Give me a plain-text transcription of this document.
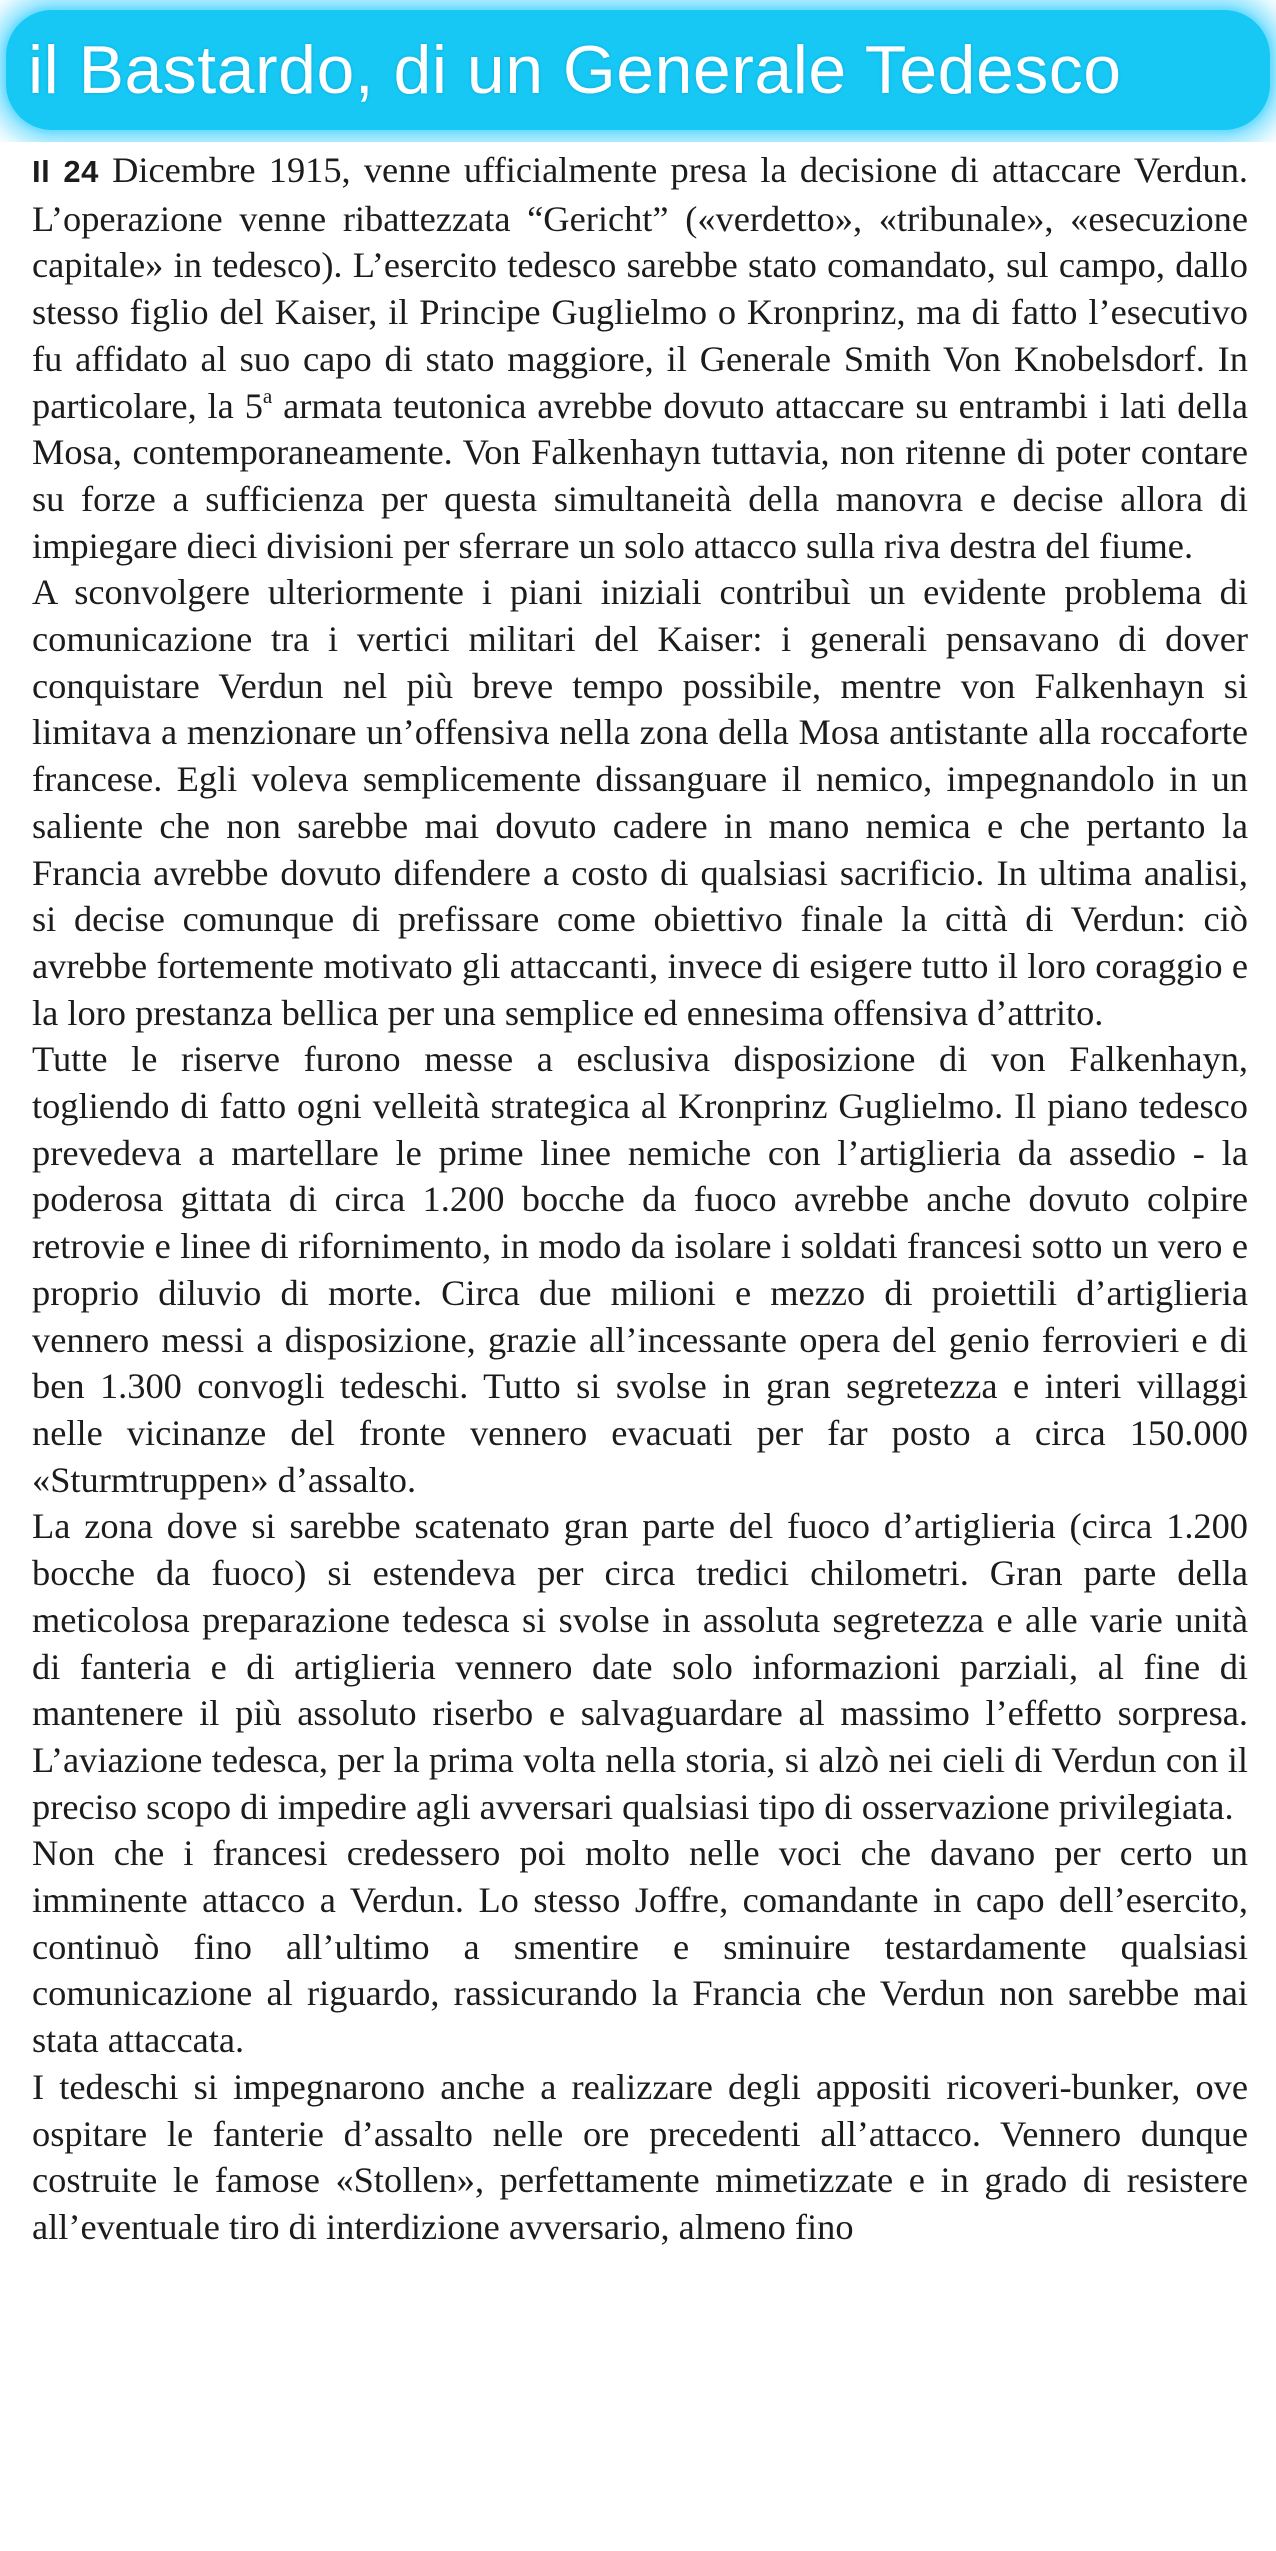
il Bastardo, di un Generale Tedesco

Il 24 Dicembre 1915, venne ufficialmente presa la decisione di attaccare Verdun. L’operazione venne ribattezzata “Gericht” («verdetto», «tribunale», «esecuzione capitale» in tedesco). L’esercito tedesco sarebbe stato comandato, sul campo, dallo stesso figlio del Kaiser, il Principe Guglielmo o Kronprinz, ma di fatto l’esecutivo fu affidato al suo capo di stato maggiore, il Generale Smith Von Knobelsdorf. In particolare, la 5$^a$ armata teutonica avrebbe dovuto attaccare su entrambi i lati della Mosa, contemporaneamente. Von Falkenhayn tuttavia, non ritenne di poter contare su forze a sufficienza per questa simultaneità della manovra e decise allora di impiegare dieci divisioni per sferrare un solo attacco sulla riva destra del fiume.

A sconvolgere ulteriormente i piani iniziali contribuì un evidente problema di comunicazione tra i vertici militari del Kaiser: i generali pensavano di dover conquistare Verdun nel più breve tempo possibile, mentre von Falkenhayn si limitava a menzionare un’offensiva nella zona della Mosa antistante alla roccaforte francese. Egli voleva semplicemente dissanguare il nemico, impegnandolo in un saliente che non sarebbe mai dovuto cadere in mano nemica e che pertanto la Francia avrebbe dovuto difendere a costo di qualsiasi sacrificio. In ultima analisi, si decise comunque di prefissare come obiettivo finale la città di Verdun: ciò avrebbe fortemente motivato gli attaccanti, invece di esigere tutto il loro coraggio e la loro prestanza bellica per una semplice ed ennesima offensiva d’attrito.

Tutte le riserve furono messe a esclusiva disposizione di von Falkenhayn, togliendo di fatto ogni velleità strategica al Kronprinz Guglielmo. Il piano tedesco prevedeva a martellare le prime linee nemiche con l’artiglieria da assedio - la poderosa gittata di circa 1.200 bocche da fuoco avrebbe anche dovuto colpire retrovie e linee di rifornimento, in modo da isolare i soldati francesi sotto un vero e proprio diluvio di morte. Circa due milioni e mezzo di proiettili d’artiglieria vennero messi a disposizione, grazie all’incessante opera del genio ferrovieri e di ben 1.300 convogli tedeschi. Tutto si svolse in gran segretezza e interi villaggi nelle vicinanze del fronte vennero evacuati per far posto a circa 150.000 «Sturmtruppen» d’assalto.

La zona dove si sarebbe scatenato gran parte del fuoco d’artiglieria (circa 1.200 bocche da fuoco) si estendeva per circa tredici chilometri. Gran parte della meticolosa preparazione tedesca si svolse in assoluta segretezza e alle varie unità di fanteria e di artiglieria vennero date solo informazioni parziali, al fine di mantenere il più assoluto riserbo e salvaguardare al massimo l’effetto sorpresa. L’aviazione tedesca, per la prima volta nella storia, si alzò nei cieli di Verdun con il preciso scopo di impedire agli avversari qualsiasi tipo di osservazione privilegiata.

Non che i francesi credessero poi molto nelle voci che davano per certo un imminente attacco a Verdun. Lo stesso Joffre, comandante in capo dell’esercito, continuò fino all’ultimo a smentire e sminuire testardamente qualsiasi comunicazione al riguardo, rassicurando la Francia che Verdun non sarebbe mai stata attaccata.

I tedeschi si impegnarono anche a realizzare degli appositi ricoveri-bunker, ove ospitare le fanterie d’assalto nelle ore precedenti all’attacco. Vennero dunque costruite le famose «Stollen», perfettamente mimetizzate e in grado di resistere all’eventuale tiro di interdizione avversario, almeno fino
